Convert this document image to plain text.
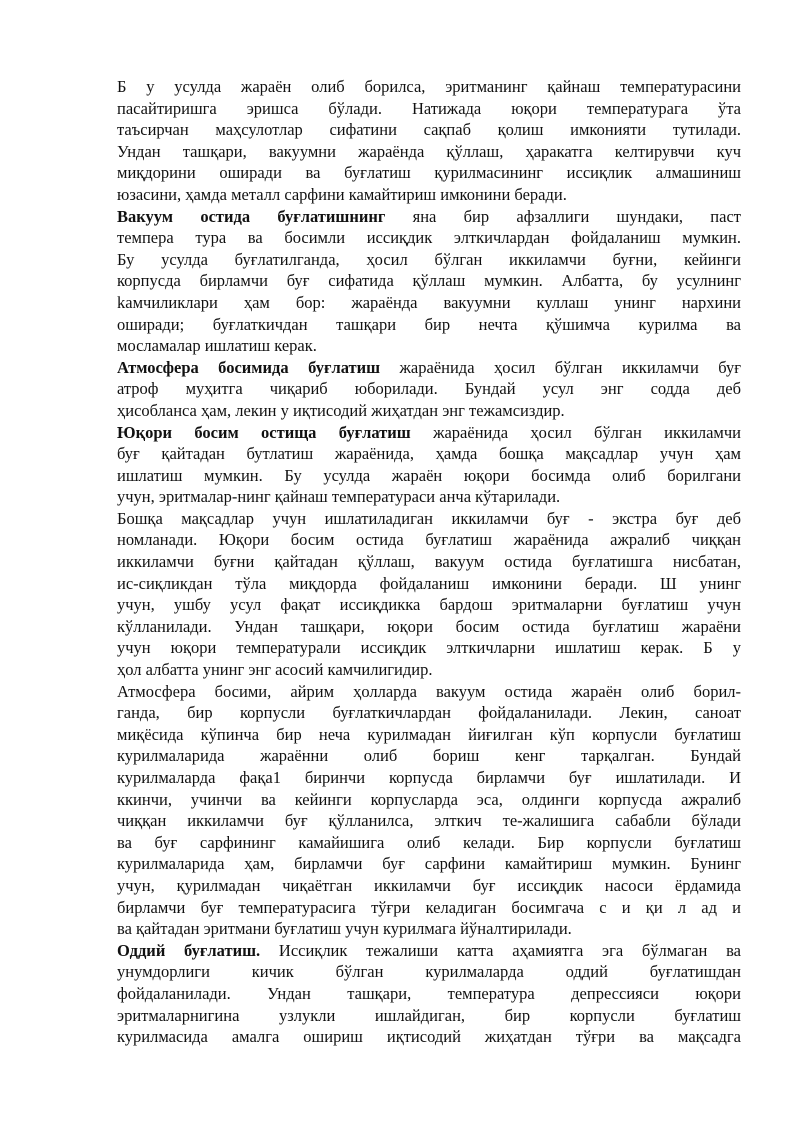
Б у усулда жараён олиб борилса, эритманинг қайнаш температурасини
пасайтиришга эришса бўлади. Натижада юқори температурага ўта
таъсирчан маҳсулотлар сифатини сақпаб қолиш имконияти тутилади.
Ундан ташқари, вакуумни жараёнда қўллаш, ҳаракатга келтирувчи куч
миқдорини оширади ва буғлатиш қурилмасининг иссиқлик алмашиниш
юзасини, ҳамда металл сарфини камайтириш имконини беради.
Вакуум остида буғлатишнинг яна бир афзаллиги шундаки, паст
темпера тура ва босимли иссиқдик элткичлардан фойдаланиш мумкин.
Бу усулда буғлатилганда, ҳосил бўлган иккиламчи буғни, кейинги
корпусда бирламчи буғ сифатида қўллаш мумкин. Албатта, бу усулнинг
kамчиликлари ҳам бор: жараёнда вакуумни куллаш унинг нархини
оширади; буғлаткичдан ташқари бир нечта қўшимча курилма ва
мосламалар ишлатиш керак.
Атмосфера босимида буғлатиш жараёнида ҳосил бўлган иккиламчи буғ
атроф муҳитга чиқариб юборилади. Бундай усул энг содда деб
ҳисобланса ҳам, лекин у иқтисодий жиҳатдан энг тежамсиздир.
Юқори босим остища буғлатиш жараёнида ҳосил бўлган иккиламчи
буғ қайтадан бутлатиш жараёнида, ҳамда бошқа мақсадлар учун ҳам
ишлатиш мумкин. Бу усулда жараён юқори босимда олиб борилгани
учун, эритмалар-нинг қайнаш температураси анча кўтарилади.
Бошқа мақсадлар учун ишлатиладиган иккиламчи буғ - экстра буғ деб
номланади. Юқори босим остида буғлатиш жараёнида ажралиб чиққан
иккиламчи буғни қайтадан қўллаш, вакуум остида буғлатишга нисбатан,
ис-сиқликдан тўла миқдорда фойдаланиш имконини беради. Ш унинг
учун, ушбу усул фақат иссиқдикка бардош эритмаларни буғлатиш учун
кўлланилади. Ундан ташқари, юқори босим остида буғлатиш жараёни
учун юқори температурали иссиқдик элткичларни ишлатиш керак. Б у
ҳол албатта унинг энг асосий камчилигидир.
Атмосфера босими, айрим ҳолларда вакуум остида жараён олиб борил-
ганда, бир корпусли буғлаткичлардан фойдаланилади. Лекин, саноат
миқёсида кўпинча бир неча курилмадан йиғилган кўп корпусли буғлатиш
курилмаларида жараённи олиб бориш кенг тарқалган. Бундай
курилмаларда фақа1 биринчи корпусда бирламчи буғ ишлатилади. И
ккинчи, учинчи ва кейинги корпусларда эса, олдинги корпусда ажралиб
чиққан иккиламчи буғ қўлланилса, элткич те-жалишига сабабли бўлади
ва буғ сарфининг камайишига олиб келади. Бир корпусли буғлатиш
курилмаларида ҳам, бирламчи буғ сарфини камайтириш мумкин. Бунинг
учун, қурилмадан чиқаётган иккиламчи буғ иссиқдик насоси ёрдамида
бирламчи буғ температурасига тўғри келадиган босимгача с и қи л ад и
ва қайтадан эритмани буғлатиш учун курилмага йўналтирилади.
Оддий буғлатиш. Иссиқлик тежалиши катта аҳамиятга эга бўлмаган ва
унумдорлиги кичик бўлган курилмаларда оддий буғлатишдан
фойдаланилади. Ундан ташқари, температура депрессияси юқори
эритмаларнигина узлукли ишлайдиган, бир корпусли буғлатиш
курилмасида амалга ошириш иқтисодий жиҳатдан тўғри ва мақсадга
